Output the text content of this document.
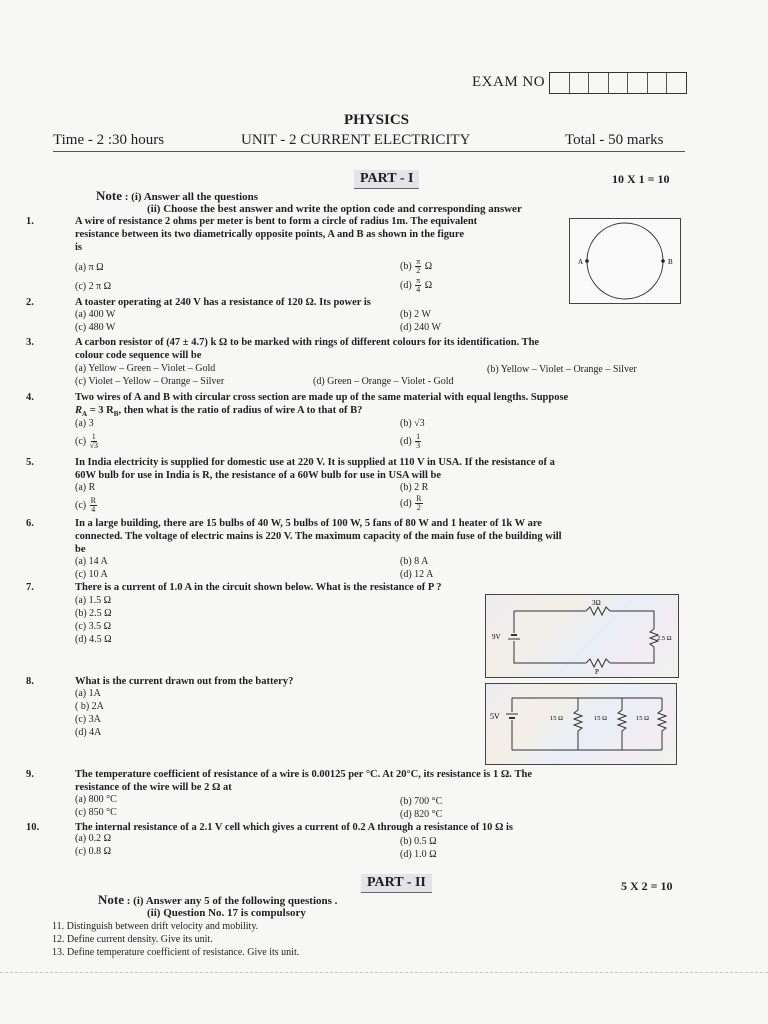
EXAM NO
PHYSICS
Time - 2 :30 hours	UNIT - 2 CURRENT ELECTRICITY	Total - 50 marks
PART - I	10 X 1 = 10
Note : (i) Answer all the questions
(ii) Choose the best answer and write the option code and corresponding answer
1.	A wire of resistance 2 ohms per meter is bent to form a circle of radius 1m. The equivalent
resistance between its two diametrically opposite points, A and B as shown in the figure
is
(a) π Ω	$(b) \frac{\pi}{2}$ Ω
(c) 2 π Ω	$(d) \frac{\pi}{4}$ Ω
A	B
2.	A toaster operating at 240 V has a resistance of 120 Ω. Its power is
(a) 400 W	(b) 2 W
(c) 480 W	(d) 240 W
3.	A carbon resistor of (47 ± 4.7) k Ω to be marked with rings of different colours for its identification. The
colour code sequence will be
(a) Yellow – Green – Violet – Gold	(b) Yellow – Violet – Orange – Silver
(c) Violet – Yellow – Orange – Silver	(d) Green – Orange – Violet - Gold
4.	Two wires of A and B with circular cross section are made up of the same material with equal lengths. Suppose
$R_A = 3$ $R_B$, then what is the ratio of radius of wire A to that of B?
(a) 3	(b) √3
$(c) \frac{1}{√3}$	$(d) \frac{1}{3}$
5.	In India electricity is supplied for domestic use at 220 V. It is supplied at 110 V in USA. If the resistance of a
60W bulb for use in India is R, the resistance of a 60W bulb for use in USA will be
(a) R	(b) 2 R
$(c) \frac{R}{4}$	$(d) \frac{R}{2}$
6.	In a large building, there are 15 bulbs of 40 W, 5 bulbs of 100 W, 5 fans of 80 W and 1 heater of 1k W are
connected. The voltage of electric mains is 220 V. The maximum capacity of the main fuse of the building will
be
(a) 14 A	(b) 8 A
(c) 10 A	(d) 12 A
7.	There is a current of 1.0 A in the circuit shown below. What is the resistance of P ?
(a) 1.5 Ω
(b) 2.5 Ω
(c) 3.5 Ω
(d) 4.5 Ω
3Ω
9V	2.5 Ω
P
8.	What is the current drawn out from the battery?
(a) 1A
( b) 2A
(c) 3A
(d) 4A
5V	15 Ω	15 Ω	15 Ω
9.	The temperature coefficient of resistance of a wire is 0.00125 per °C. At 20°C, its resistance is 1 Ω. The
resistance of the wire will be 2 Ω at
(a) 800 °C	(b) 700 °C
(c) 850 °C	(d) 820 °C
10.	The internal resistance of a 2.1 V cell which gives a current of 0.2 A through a resistance of 10 Ω is
(a) 0.2 Ω	(b) 0.5 Ω
(c) 0.8 Ω	(d) 1.0 Ω
PART - II	5 X 2 = 10
Note : (i) Answer any 5 of the following questions .
(ii) Question No. 17 is compulsory
11. Distinguish between drift velocity and mobility.
12. Define current density. Give its unit.
13. Define temperature coefficient of resistance. Give its unit.
